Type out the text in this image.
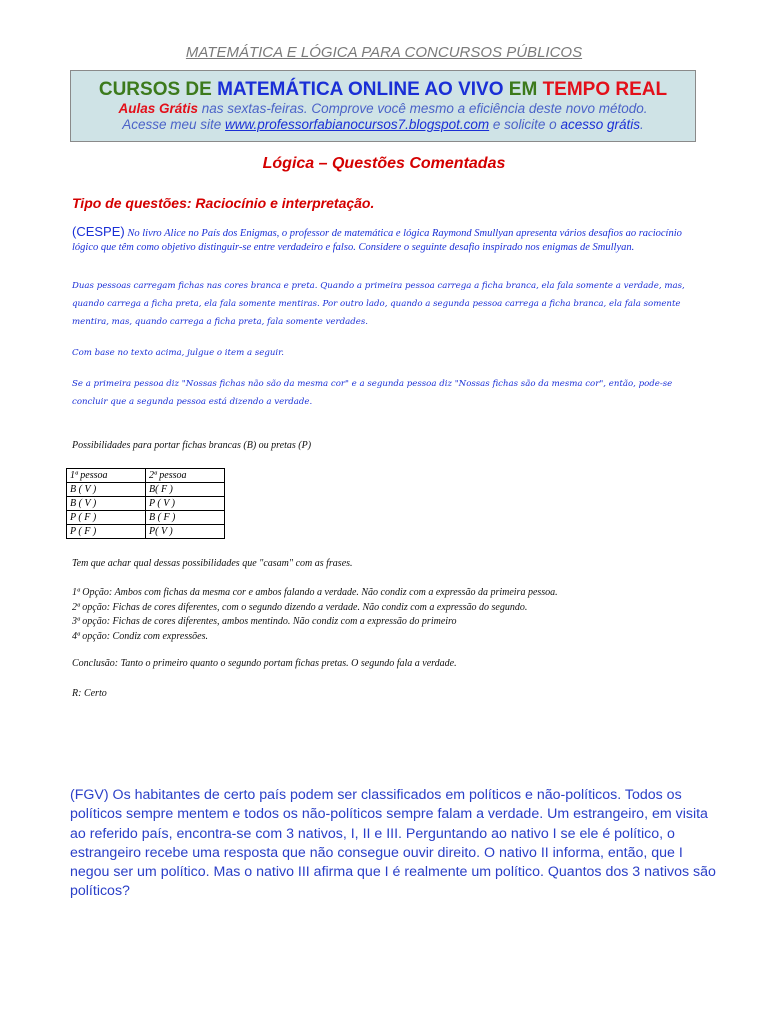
MATEMÁTICA E LÓGICA PARA CONCURSOS PÚBLICOS
CURSOS DE MATEMÁTICA ONLINE AO VIVO EM TEMPO REAL
Aulas Grátis nas sextas-feiras. Comprove você mesmo a eficiência deste novo método.
Acesse meu site www.professorfabianocursos7.blogspot.com e solicite o acesso grátis.
Lógica – Questões Comentadas
Tipo de questões: Raciocínio e interpretação.
(CESPE) No livro Alice no País dos Enigmas, o professor de matemática e lógica Raymond Smullyan apresenta vários desafios ao raciocínio lógico que têm como objetivo distinguir-se entre verdadeiro e falso. Considere o seguinte desafio inspirado nos enigmas de Smullyan.
Duas pessoas carregam fichas nas cores branca e preta. Quando a primeira pessoa carrega a ficha branca, ela fala somente a verdade, mas, quando carrega a ficha preta, ela fala somente mentiras. Por outro lado, quando a segunda pessoa carrega a ficha branca, ela fala somente mentira, mas, quando carrega a ficha preta, fala somente verdades.
Com base no texto acima, julgue o item a seguir.
Se a primeira pessoa diz "Nossas fichas não são da mesma cor" e a segunda pessoa diz "Nossas fichas são da mesma cor", então, pode-se concluir que a segunda pessoa está dizendo a verdade.
Possibilidades para portar fichas brancas (B) ou pretas (P)
1ª pessoa	2ª pessoa
B ( V )	B( F )
B ( V )	P ( V )
P ( F )	B ( F )
P ( F )	P( V )
Tem que achar qual dessas possibilidades que "casam" com as frases.
1ª Opção: Ambos com fichas da mesma cor e ambos falando a verdade. Não condiz com a expressão da primeira pessoa.
2ª opção: Fichas de cores diferentes, com o segundo dizendo a verdade. Não condiz com a expressão do segundo.
3ª opção: Fichas de cores diferentes, ambos mentindo. Não condiz com a expressão do primeiro
4ª opção: Condiz com expressões.
Conclusão: Tanto o primeiro quanto o segundo portam fichas pretas. O segundo fala a verdade.
R: Certo
(FGV) Os habitantes de certo país podem ser classificados em políticos e não-políticos. Todos os políticos sempre mentem e todos os não-políticos sempre falam a verdade. Um estrangeiro, em visita ao referido país, encontra-se com 3 nativos, I, II e III. Perguntando ao nativo I se ele é político, o estrangeiro recebe uma resposta que não consegue ouvir direito. O nativo II informa, então, que I negou ser um político. Mas o nativo III afirma que I é realmente um político. Quantos dos 3 nativos são políticos?
